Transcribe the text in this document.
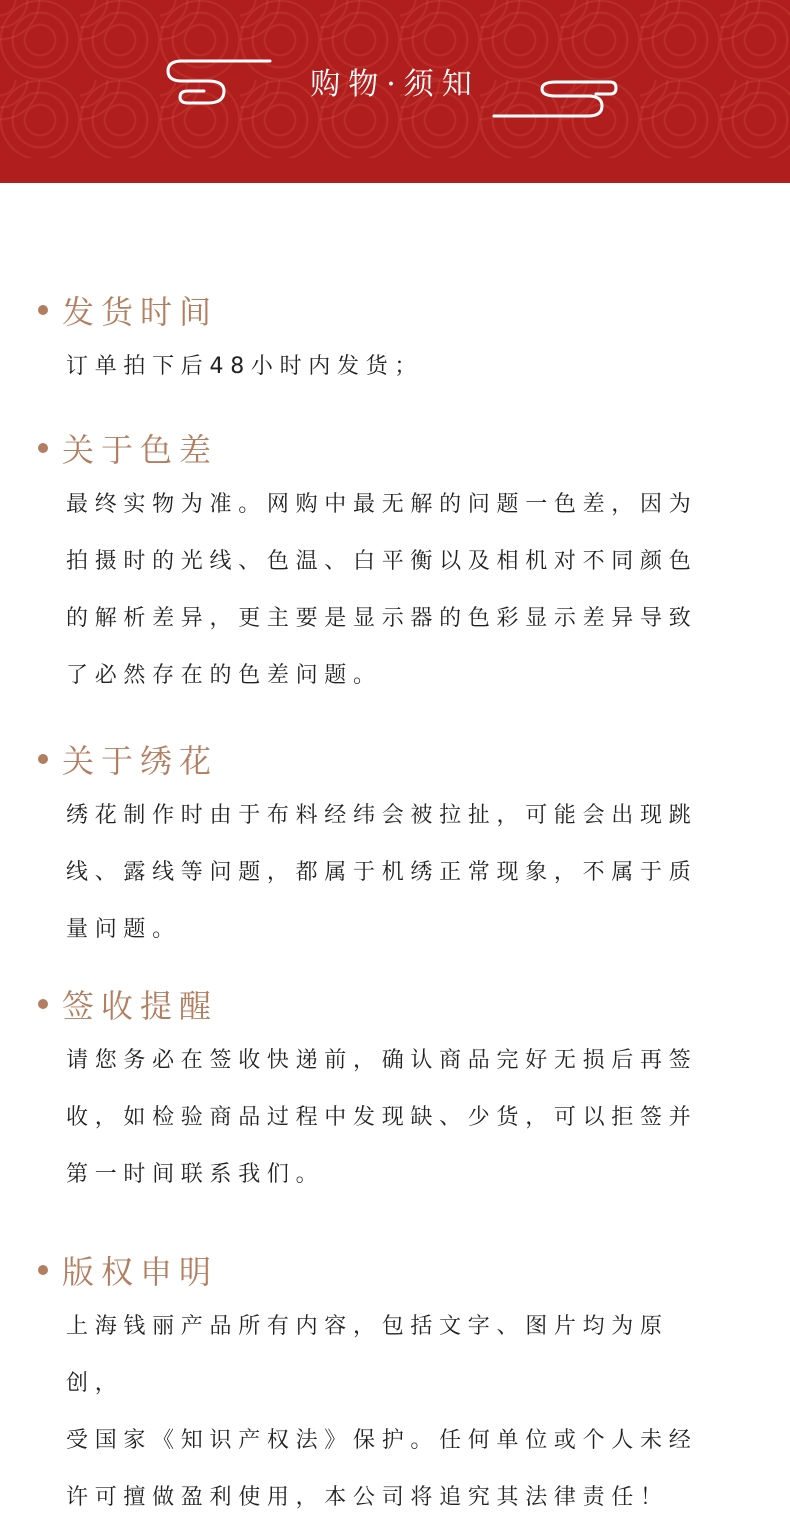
购物·须知
发货时间
订单拍下后48小时内发货；
关于色差
最终实物为准。网购中最无解的问题一色差，因为
拍摄时的光线、色温、白平衡以及相机对不同颜色
的解析差异，更主要是显示器的色彩显示差异导致
了必然存在的色差问题。
关于绣花
绣花制作时由于布料经纬会被拉扯，可能会出现跳
线、露线等问题，都属于机绣正常现象，不属于质
量问题。
签收提醒
请您务必在签收快递前，确认商品完好无损后再签
收，如检验商品过程中发现缺、少货，可以拒签并
第一时间联系我们。
版权申明
上海钱丽产品所有内容，包括文字、图片均为原创，
受国家《知识产权法》保护。任何单位或个人未经
许可擅做盈利使用，本公司将追究其法律责任！
